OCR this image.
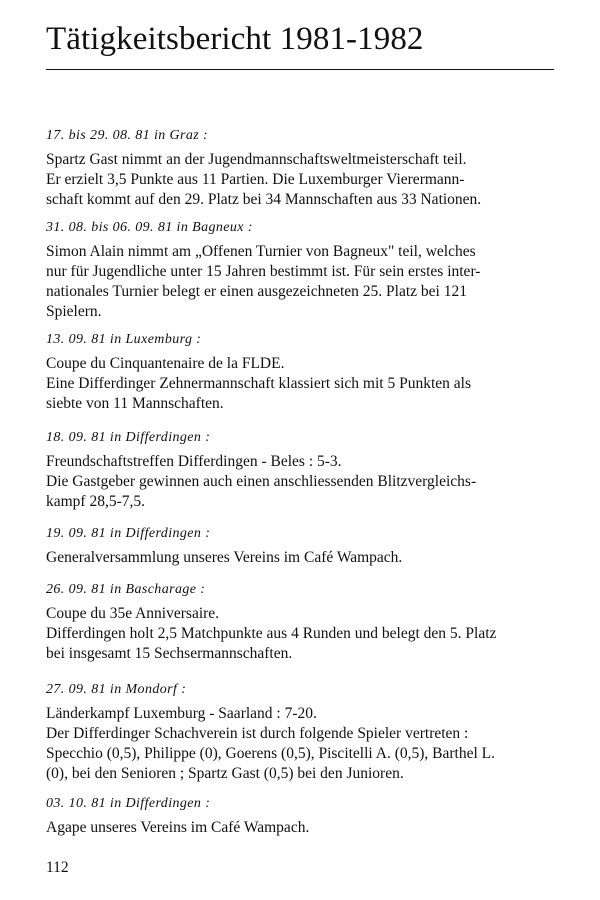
Tätigkeitsbericht 1981-1982

17. bis 29. 08. 81 in Graz :

Spartz Gast nimmt an der Jugendmannschaftsweltmeisterschaft teil.
Er erzielt 3,5 Punkte aus 11 Partien. Die Luxemburger Vierermann-
schaft kommt auf den 29. Platz bei 34 Mannschaften aus 33 Nationen.

31. 08. bis 06. 09. 81 in Bagneux :

Simon Alain nimmt am „Offenen Turnier von Bagneux" teil, welches
nur für Jugendliche unter 15 Jahren bestimmt ist. Für sein erstes inter-
nationales Turnier belegt er einen ausgezeichneten 25. Platz bei 121
Spielern.

13. 09. 81 in Luxemburg :

Coupe du Cinquantenaire de la FLDE.

Eine Differdinger Zehnermannschaft klassiert sich mit 5 Punkten als
siebte von 11 Mannschaften.

18. 09. 81 in Differdingen :

Freundschaftstreffen Differdingen - Beles : 5-3.

Die Gastgeber gewinnen auch einen anschliessenden Blitzvergleichs-
kampf 28,5-7,5.

19. 09. 81 in Differdingen :

Generalversammlung unseres Vereins im Café Wampach.

26. 09. 81 in Bascharage :

Coupe du 35e Anniversaire.

Differdingen holt 2,5 Matchpunkte aus 4 Runden und belegt den 5. Platz
bei insgesamt 15 Sechsermannschaften.

27. 09. 81 in Mondorf :

Länderkampf Luxemburg - Saarland : 7-20.

Der Differdinger Schachverein ist durch folgende Spieler vertreten :
Specchio (0,5), Philippe (0), Goerens (0,5), Piscitelli A. (0,5), Barthel L.
(0), bei den Senioren ; Spartz Gast (0,5) bei den Junioren.

03. 10. 81 in Differdingen :

Agape unseres Vereins im Café Wampach.

112
